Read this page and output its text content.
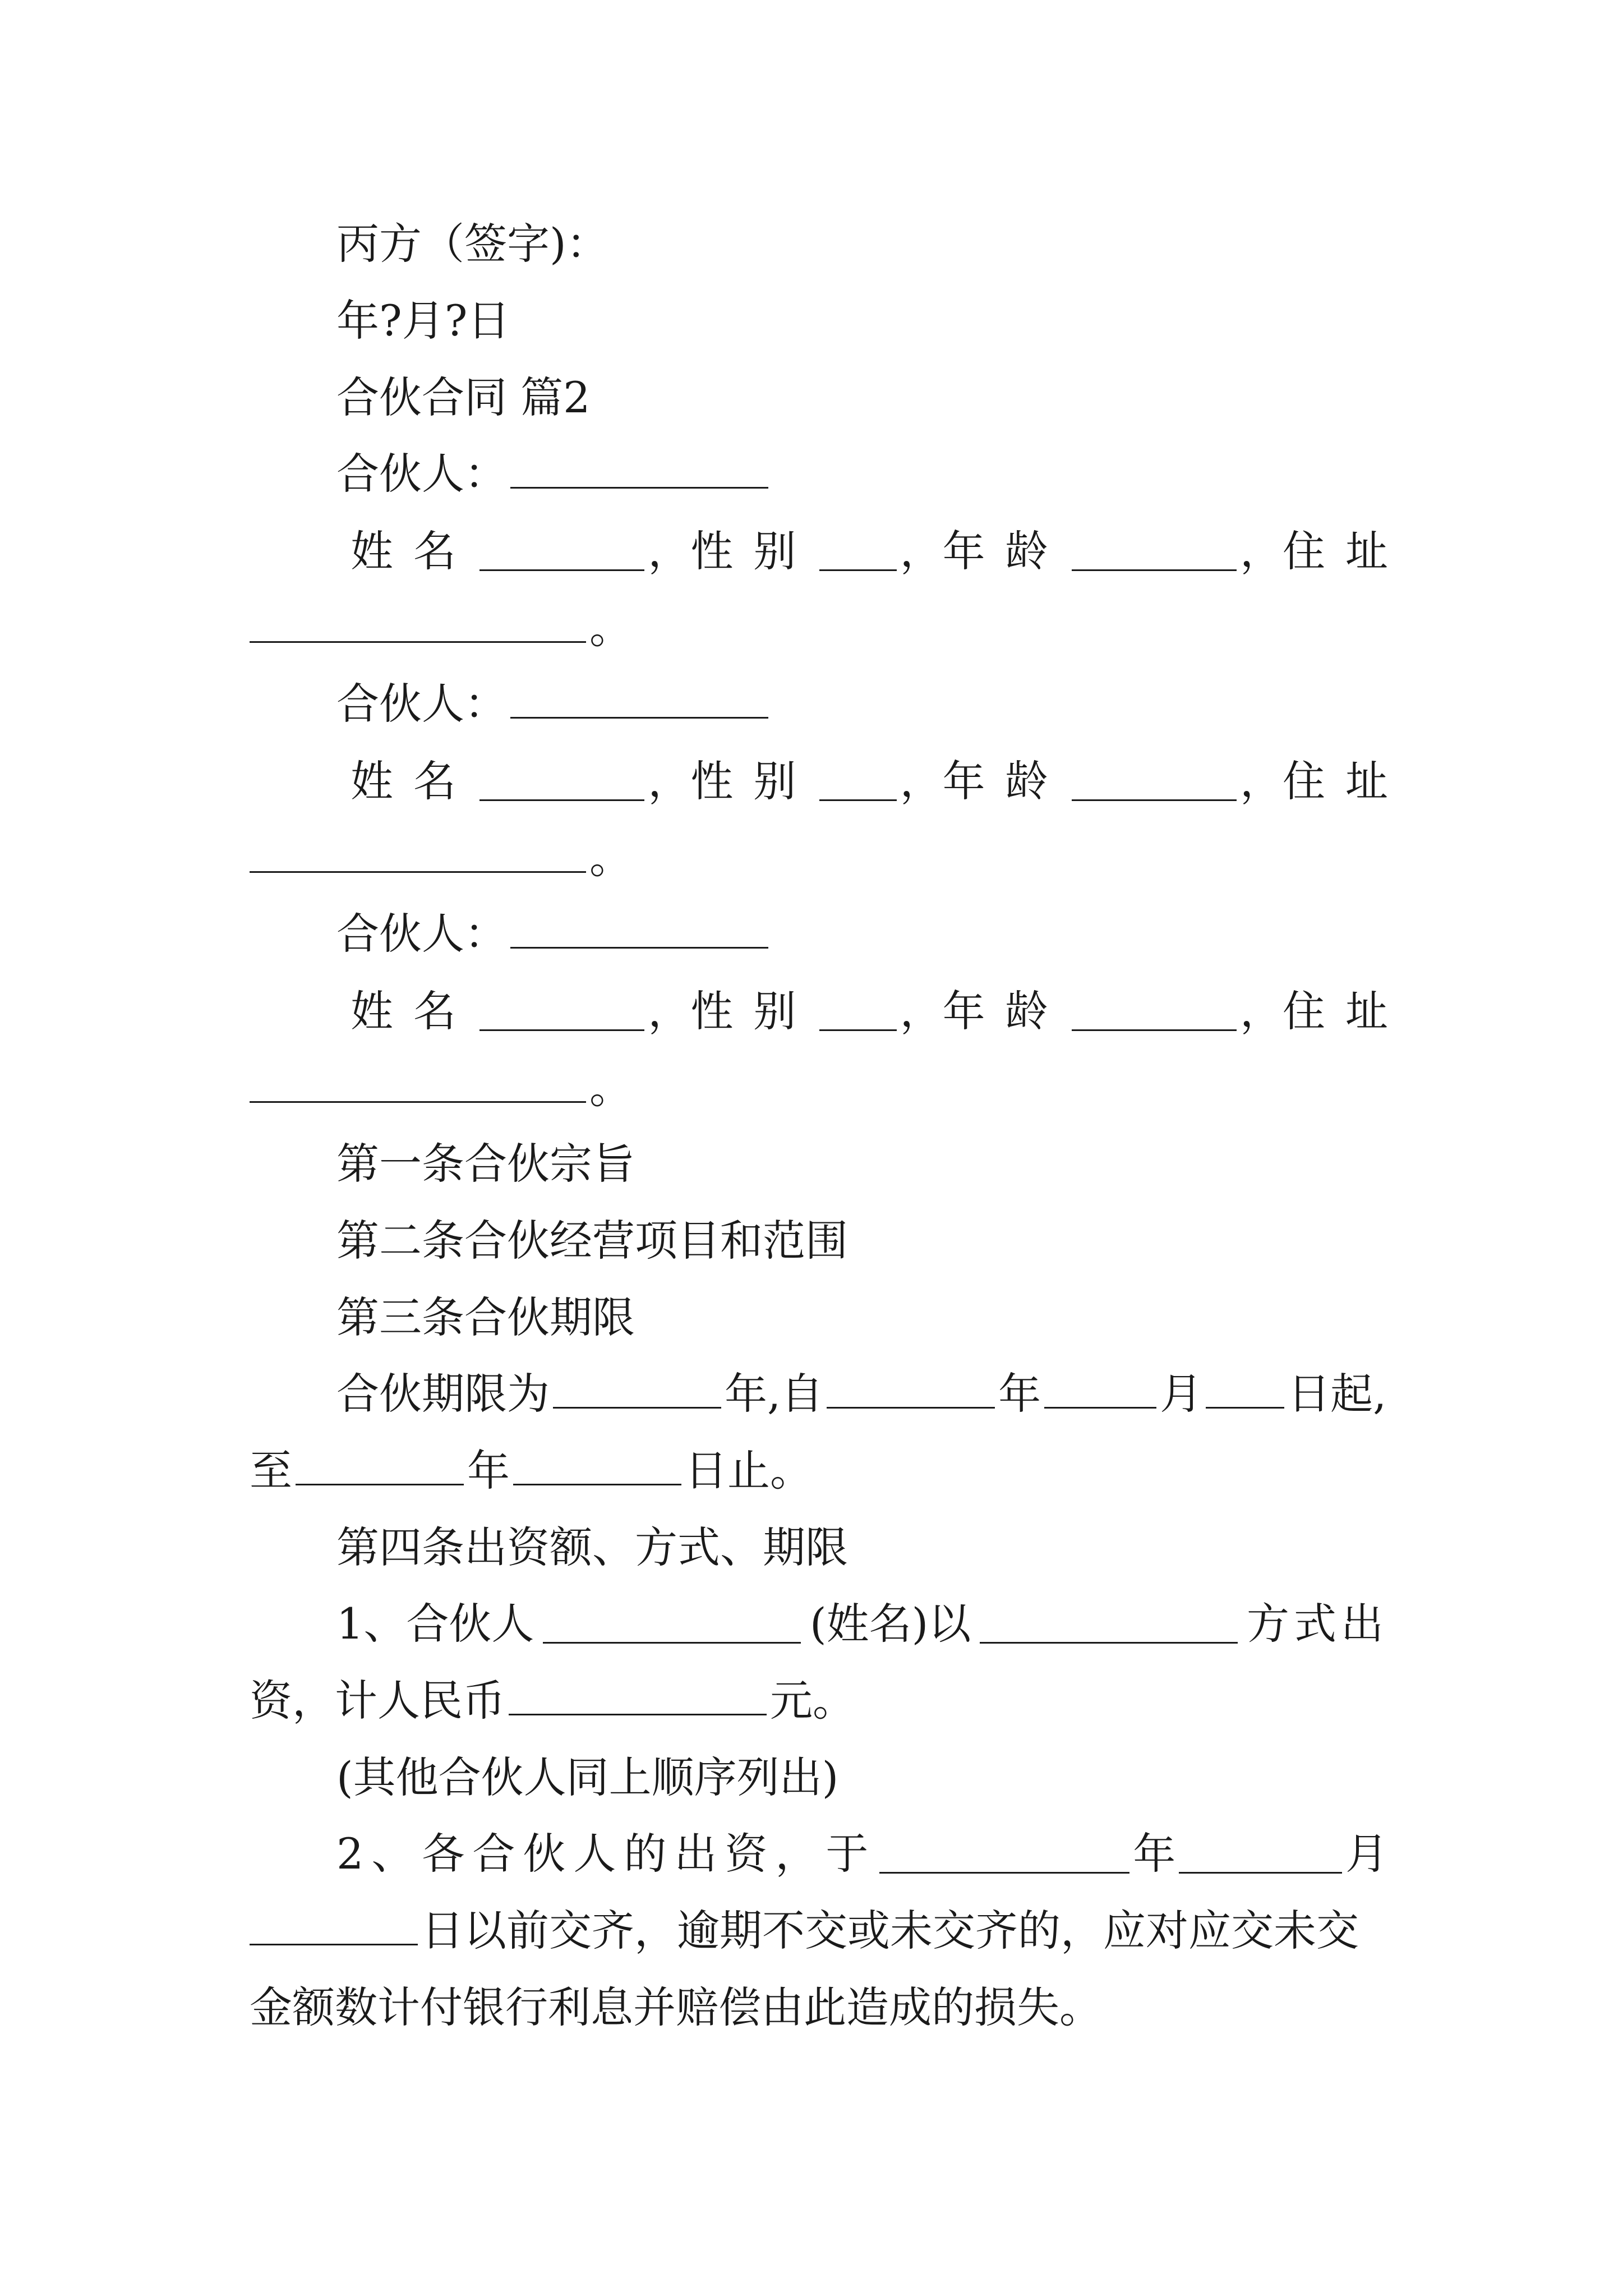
丙方（签字)：
年?月?日
合伙合同 篇2
合伙人：
姓名	， 性别 ， 年龄	， 住址
。
合伙人：
姓名	， 性别 ， 年龄	， 住址
。
合伙人：
姓名	， 性别 ， 年龄	， 住址
。
第一条合伙宗旨
第二条合伙经营项目和范围
第三条合伙期限
合伙期限为	年,自	年	月 日起,
至	年	日止。
第四条出资额、方式、期限
1、合伙人	(姓名)以	方式出
资，计人民币	元。
(其他合伙人同上顺序列出)
2、各合伙人的出资，于	年	月
日以前交齐，逾期不交或未交齐的，应对应交未交
金额数计付银行利息并赔偿由此造成的损失。
